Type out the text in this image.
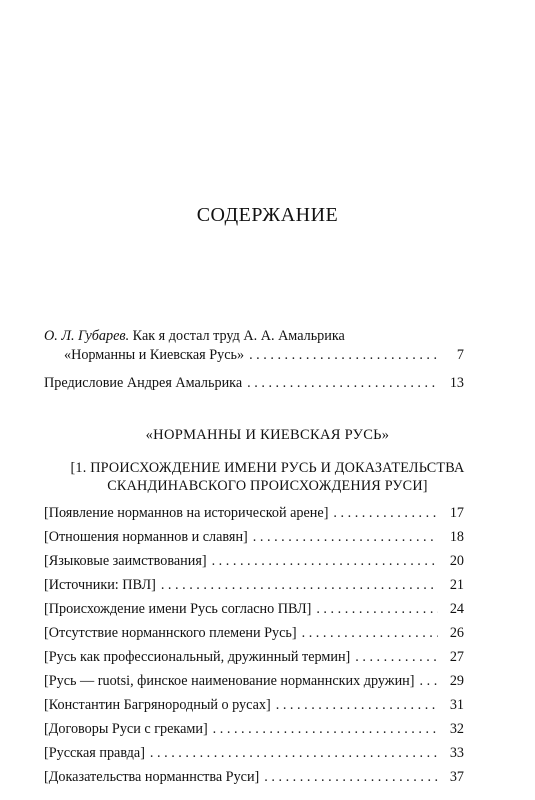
СОДЕРЖАНИЕ
О. Л. Губарев. Как я достал труд А. А. Амальрика
«Норманны и Киевская Русь» . . .	7
Предисловие Андрея Амальрика . . .	13
«НОРМАННЫ И КИЕВСКАЯ РУСЬ»
[1. ПРОИСХОЖДЕНИЕ ИМЕНИ РУСЬ И ДОКАЗАТЕЛЬСТВА
СКАНДИНАВСКОГО ПРОИСХОЖДЕНИЯ РУСИ]
[Появление норманнов на исторической арене] . . .	17
[Отношения норманнов и славян] . . .	18
[Языковые заимствования] . . .	20
[Источники: ПВЛ] . . .	21
[Происхождение имени Русь согласно ПВЛ] . . .	24
[Отсутствие норманнского племени Русь] . . .	26
[Русь как профессиональный, дружинный термин] . . .	27
[Русь — ruotsi, финское наименование норманнских дружин] . . .	29
[Константин Багрянородный о русах] . . .	31
[Договоры Руси с греками] . . .	32
[Русская правда] . . .	33
[Доказательства норманнства Руси] . . .	37
